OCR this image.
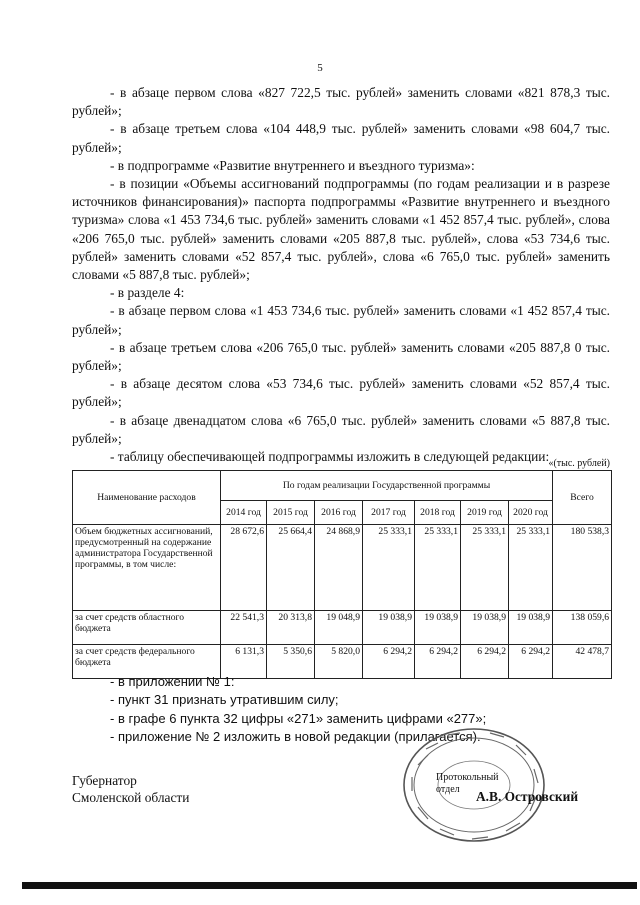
5

- в абзаце первом слова «827 722,5 тыс. рублей» заменить словами «821 878,3 тыс. рублей»;

- в абзаце третьем слова «104 448,9 тыс. рублей» заменить словами «98 604,7 тыс. рублей»;

- в подпрограмме «Развитие внутреннего и въездного туризма»:

- в позиции «Объемы ассигнований подпрограммы (по годам реализации и в разрезе источников финансирования)» паспорта подпрограммы «Развитие внутреннего и въездного туризма» слова «1 453 734,6 тыс. рублей» заменить словами «1 452 857,4 тыс. рублей», слова «206 765,0 тыс. рублей» заменить словами «205 887,8 тыс. рублей», слова «53 734,6 тыс. рублей» заменить словами «52 857,4 тыс. рублей», слова «6 765,0 тыс. рублей» заменить словами «5 887,8 тыс. рублей»;

- в разделе 4:

- в абзаце первом слова «1 453 734,6 тыс. рублей» заменить словами «1 452 857,4 тыс. рублей»;

- в абзаце третьем слова «206 765,0 тыс. рублей» заменить словами «205 887,8 0 тыс. рублей»;

- в абзаце десятом слова «53 734,6 тыс. рублей» заменить словами «52 857,4 тыс. рублей»;

- в абзаце двенадцатом слова «6 765,0 тыс. рублей» заменить словами «5 887,8 тыс. рублей»;

- таблицу обеспечивающей подпрограммы изложить в следующей редакции: «(тыс. рублей)
Наименование расходов	По годам реализации Государственной программы							Всего
	2014 год	2015 год	2016 год	2017 год	2018 год	2019 год	2020 год	
Объем бюджетных ассигнований, предусмотренный на содержание администратора Государственной программы, в том числе:	28 672,6	25 664,4	24 868,9	25 333,1	25 333,1	25 333,1	25 333,1	180 538,3
за счет средств областного бюджета	22 541,3	20 313,8	19 048,9	19 038,9	19 038,9	19 038,9	19 038,9	138 059,6
за счет средств федерального бюджета	6 131,3	5 350,6	5 820,0	6 294,2	6 294,2	6 294,2	6 294,2	42 478,7

- в приложении № 1:

- пункт 31 признать утратившим силу;

- в графе 6 пункта 32 цифры «271» заменить цифрами «277»;

- приложение № 2 изложить в новой редакции (прилагается).

Протокольный
отдел
Губернатор
Смоленской области	А.В. Островский
